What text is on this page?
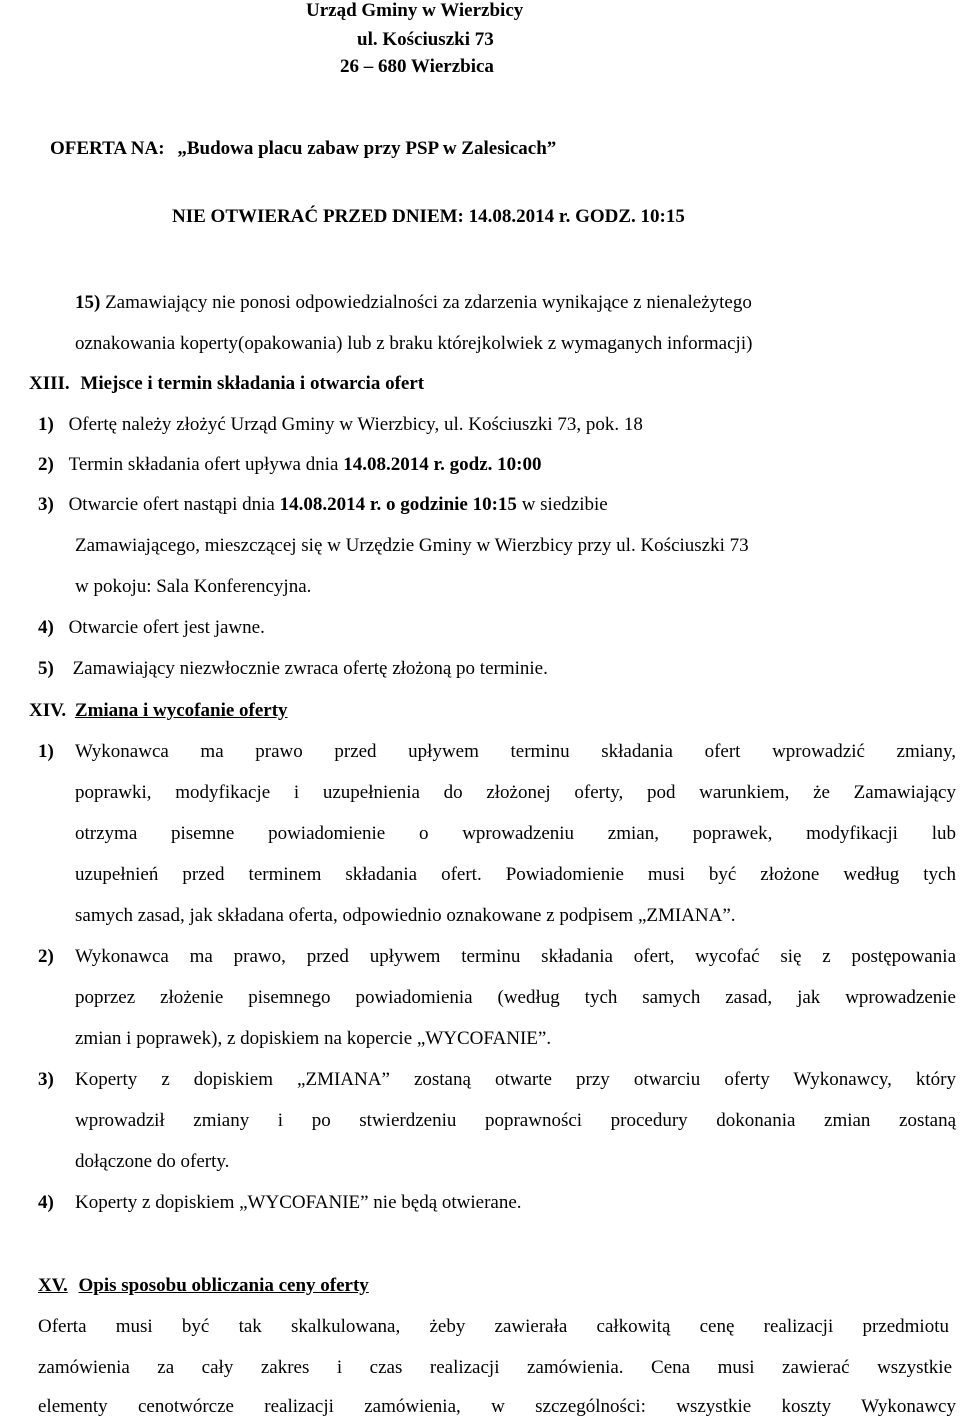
Urząd Gminy w Wierzbicy
ul. Kościuszki 73
26 – 680 Wierzbica
OFERTA NA: „Budowa placu zabaw przy PSP w Zalesicach”
NIE OTWIERAĆ PRZED DNIEM: 14.08.2014 r. GODZ. 10:15
15) Zamawiający nie ponosi odpowiedzialności za zdarzenia wynikające z nienależytego
oznakowania koperty(opakowania) lub z braku którejkolwiek z wymaganych informacji)
XIII. Miejsce i termin składania i otwarcia ofert
1) Ofertę należy złożyć Urząd Gminy w Wierzbicy, ul. Kościuszki 73, pok. 18
2) Termin składania ofert upływa dnia 14.08.2014 r. godz. 10:00
3) Otwarcie ofert nastąpi dnia 14.08.2014 r. o godzinie 10:15 w siedzibie
Zamawiającego, mieszczącej się w Urzędzie Gminy w Wierzbicy przy ul. Kościuszki 73
w pokoju: Sala Konferencyjna.
4) Otwarcie ofert jest jawne.
5) Zamawiający niezwłocznie zwraca ofertę złożoną po terminie.
XIV. Zmiana i wycofanie oferty
1) Wykonawca ma prawo przed upływem terminu składania ofert wprowadzić zmiany,
poprawki, modyfikacje i uzupełnienia do złożonej oferty, pod warunkiem, że Zamawiający
otrzyma pisemne powiadomienie o wprowadzeniu zmian, poprawek, modyfikacji lub
uzupełnień przed terminem składania ofert. Powiadomienie musi być złożone według tych
samych zasad, jak składana oferta, odpowiednio oznakowane z podpisem „ZMIANA”.
2) Wykonawca ma prawo, przed upływem terminu składania ofert, wycofać się z postępowania
poprzez złożenie pisemnego powiadomienia (według tych samych zasad, jak wprowadzenie
zmian i poprawek), z dopiskiem na kopercie „WYCOFANIE”.
3) Koperty z dopiskiem „ZMIANA” zostaną otwarte przy otwarciu oferty Wykonawcy, który
wprowadził zmiany i po stwierdzeniu poprawności procedury dokonania zmian zostaną
dołączone do oferty.
4) Koperty z dopiskiem „WYCOFANIE” nie będą otwierane.
XV. Opis sposobu obliczania ceny oferty
Oferta musi być tak skalkulowana, żeby zawierała całkowitą cenę realizacji przedmiotu
zamówienia za cały zakres i czas realizacji zamówienia. Cena musi zawierać wszystkie
elementy cenotwórcze realizacji zamówienia, w szczególności: wszystkie koszty Wykonawcy
